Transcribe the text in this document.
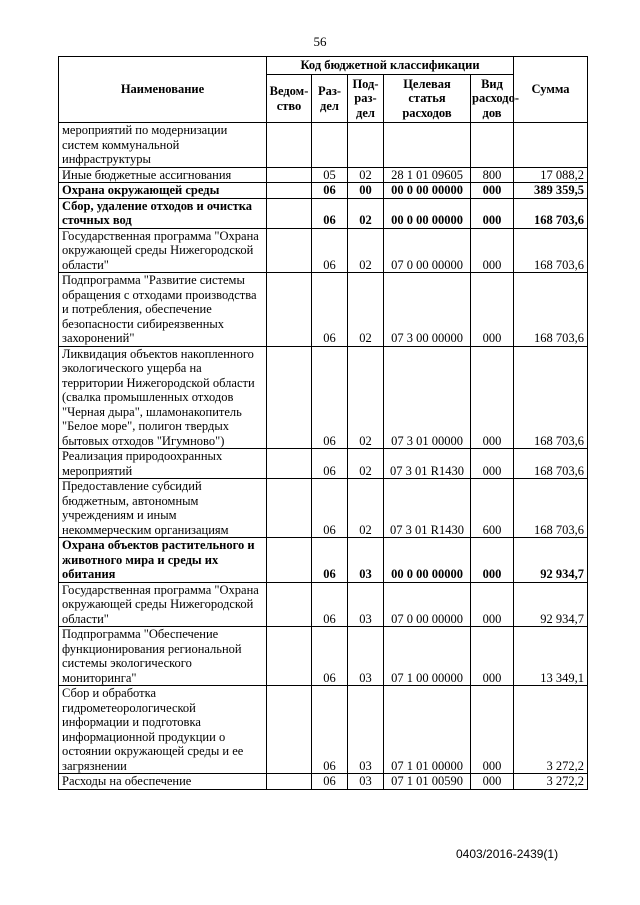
56
Наименование	Код бюджетной классификации					Сумма
	Ведом-ство	Раз-дел	Под-раз-дел	Целевая статья расходов	Вид расходо-дов	
мероприятий по модернизации систем коммунальной инфраструктуры						
Иные бюджетные ассигнования		05	02	28 1 01 09605	800	17 088,2
Охрана окружающей среды		06	00	00 0 00 00000	000	389 359,5
Сбор, удаление отходов и очистка сточных вод		06	02	00 0 00 00000	000	168 703,6
Государственная программа "Охрана окружающей среды Нижегородской области"		06	02	07 0 00 00000	000	168 703,6
Подпрограмма "Развитие системы обращения с отходами производства и потребления, обеспечение безопасности сибиреязвенных захоронений"		06	02	07 3 00 00000	000	168 703,6
Ликвидация объектов накопленного экологического ущерба на территории Нижегородской области (свалка промышленных отходов "Черная дыра", шламонакопитель "Белое море", полигон твердых бытовых отходов "Игумново")		06	02	07 3 01 00000	000	168 703,6
Реализация природоохранных мероприятий		06	02	07 3 01 R1430	000	168 703,6
Предоставление субсидий бюджетным, автономным учреждениям и иным некоммерческим организациям		06	02	07 3 01 R1430	600	168 703,6
Охрана объектов растительного и животного мира и среды их обитания		06	03	00 0 00 00000	000	92 934,7
Государственная программа "Охрана окружающей среды Нижегородской области"		06	03	07 0 00 00000	000	92 934,7
Подпрограмма "Обеспечение функционирования региональной системы экологического мониторинга"		06	03	07 1 00 00000	000	13 349,1
Сбор и обработка гидрометеорологической информации и подготовка информационной продукции о остоянии окружающей среды и ее загрязнении		06	03	07 1 01 00000	000	3 272,2
Расходы на обеспечение		06	03	07 1 01 00590	000	3 272,2
0403/2016-2439(1)
